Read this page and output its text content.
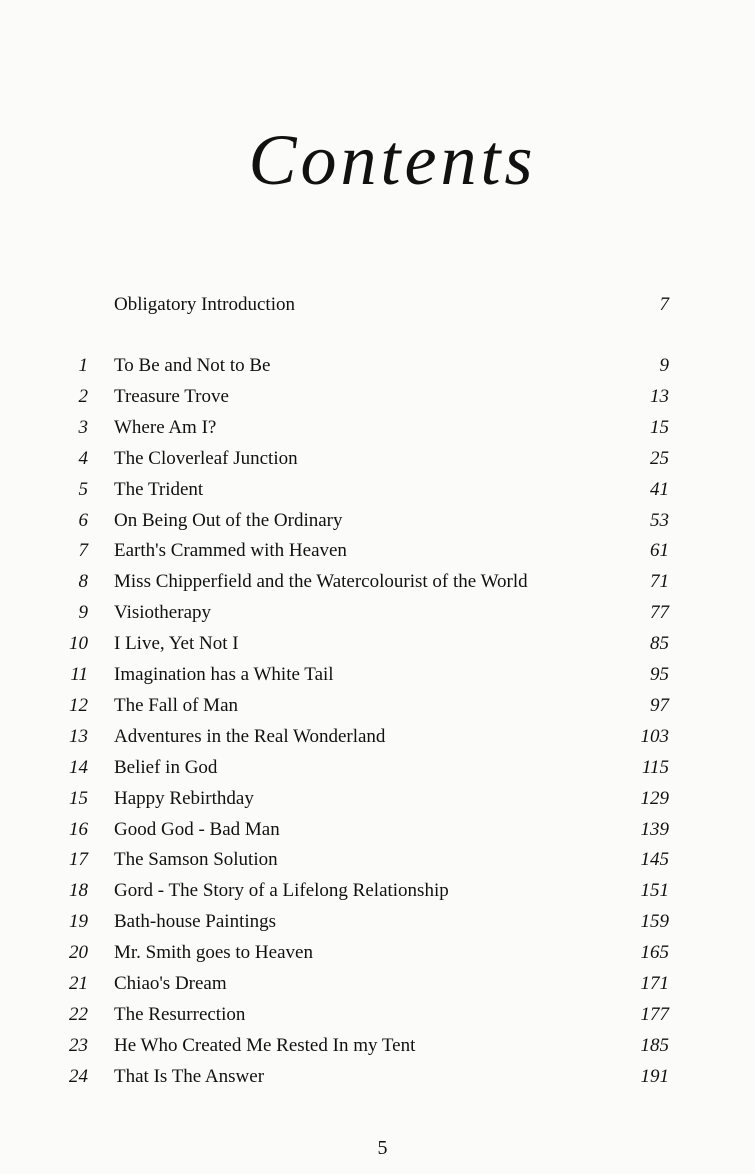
Contents
Obligatory Introduction	7
1 To Be and Not to Be	9
2 Treasure Trove	13
3 Where Am I?	15
4 The Cloverleaf Junction	25
5 The Trident	41
6 On Being Out of the Ordinary	53
7 Earth's Crammed with Heaven	61
8 Miss Chipperfield and the Watercolourist of the World	71
9 Visiotherapy	77
10 I Live, Yet Not I	85
11 Imagination has a White Tail	95
12 The Fall of Man	97
13 Adventures in the Real Wonderland	103
14 Belief in God	115
15 Happy Rebirthday	129
16 Good God - Bad Man	139
17 The Samson Solution	145
18 Gord - The Story of a Lifelong Relationship	151
19 Bath-house Paintings	159
20 Mr. Smith goes to Heaven	165
21 Chiao's Dream	171
22 The Resurrection	177
23 He Who Created Me Rested In my Tent	185
24 That Is The Answer	191
5
